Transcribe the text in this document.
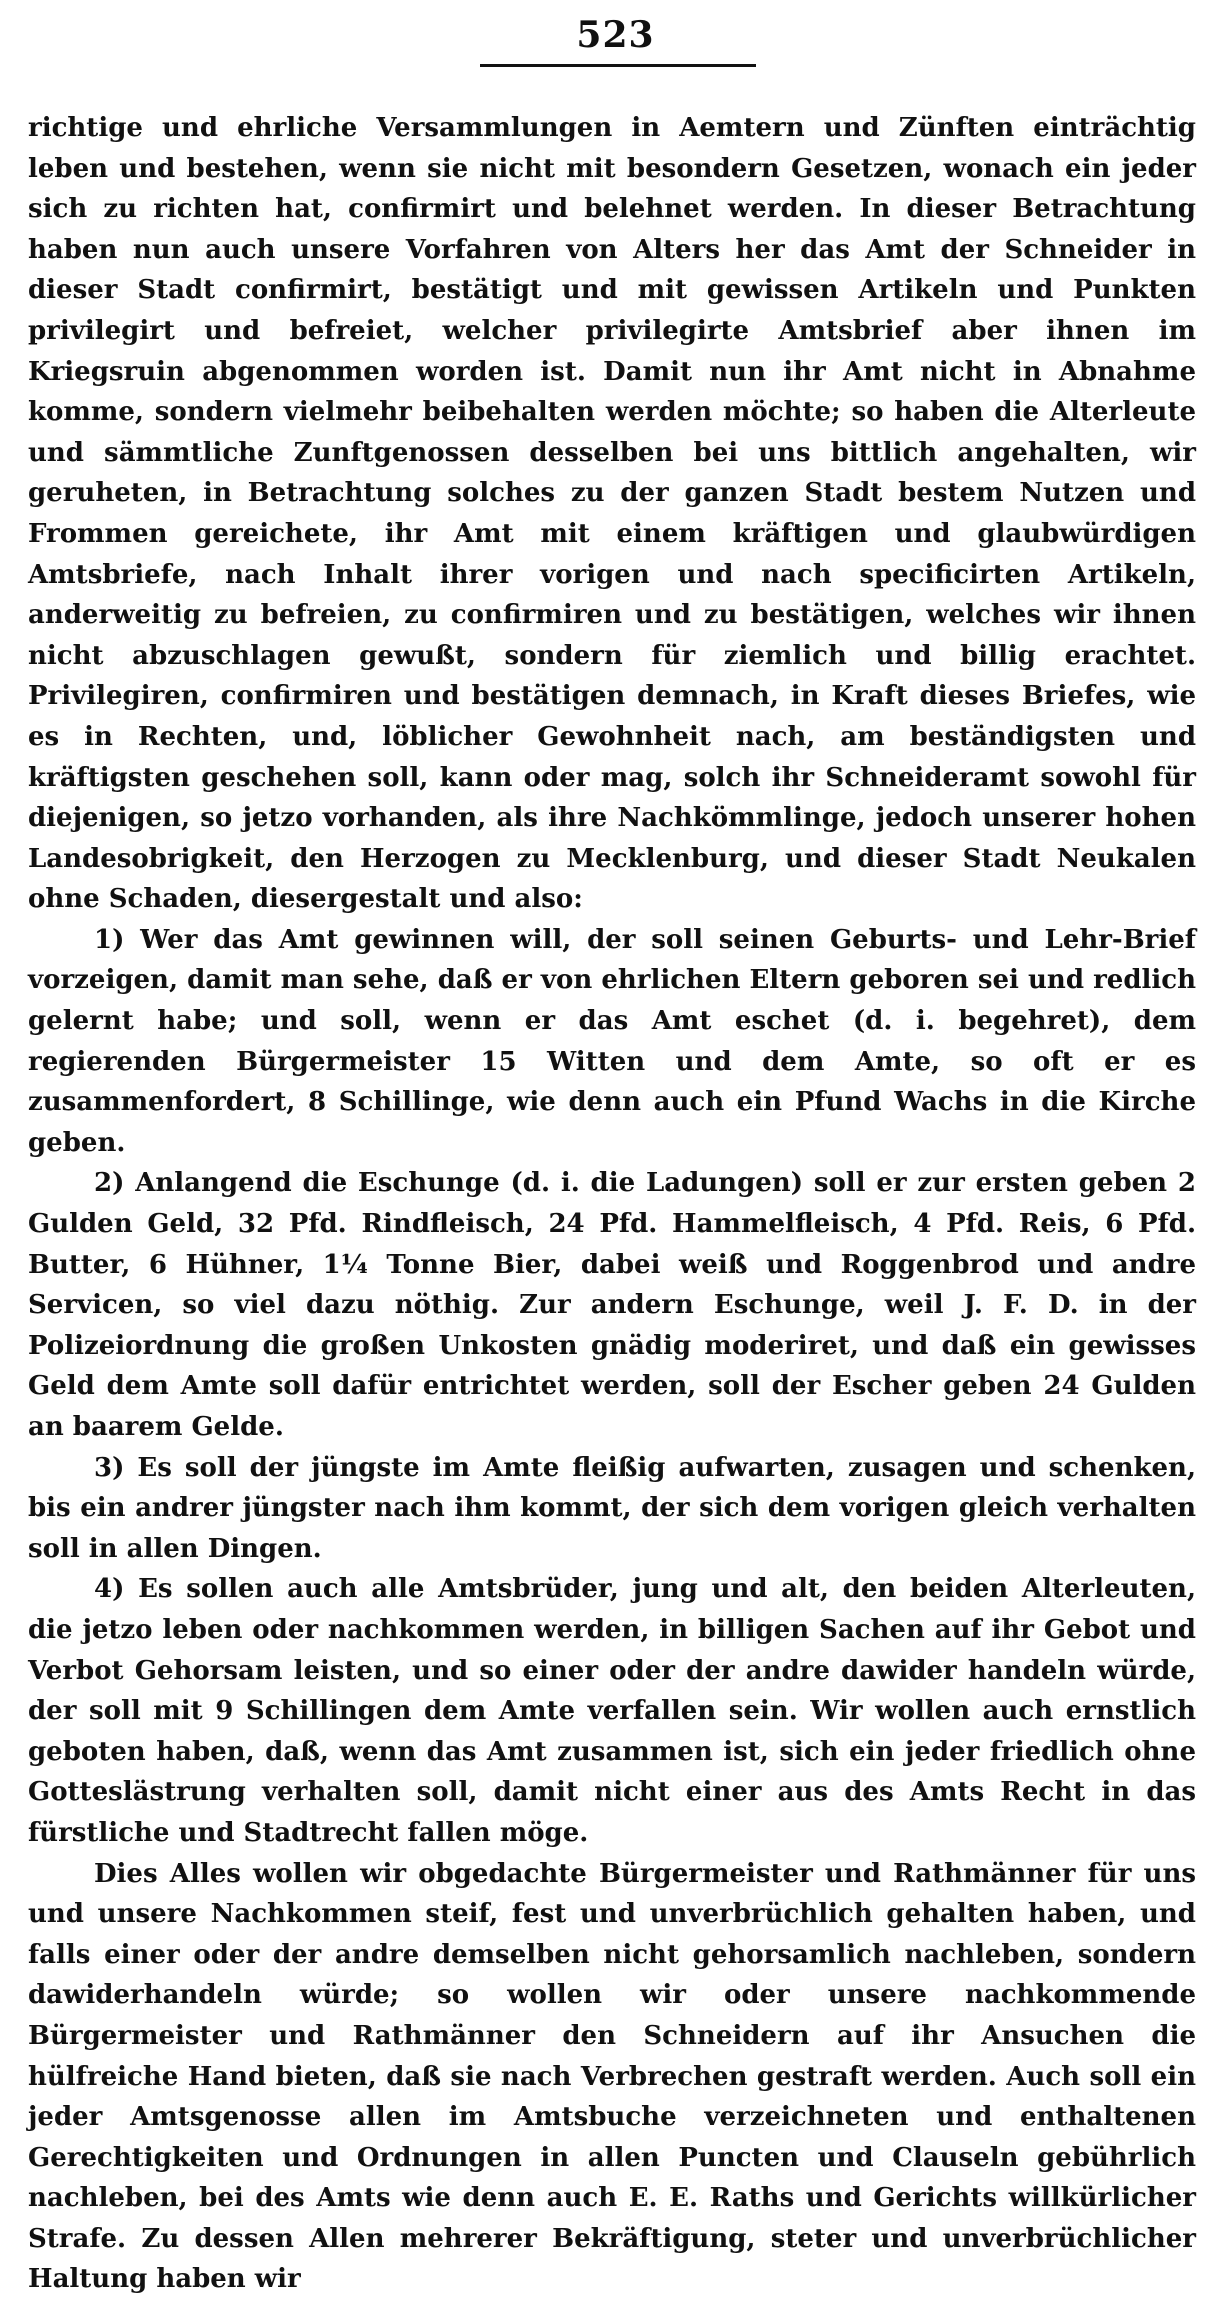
523

richtige und ehrliche Versammlungen in Aemtern und Zünften einträchtig leben und bestehen, wenn sie nicht mit besondern Gesetzen, wonach ein jeder sich zu richten hat, confirmirt und belehnet werden. In dieser Betrachtung haben nun auch unsere Vorfahren von Alters her das Amt der Schneider in dieser Stadt confirmirt, bestätigt und mit gewissen Artikeln und Punkten privilegirt und befreiet, welcher privilegirte Amtsbrief aber ihnen im Kriegsruin abgenommen worden ist. Damit nun ihr Amt nicht in Abnahme komme, sondern vielmehr beibehalten werden möchte; so haben die Alterleute und sämmtliche Zunftgenossen desselben bei uns bittlich angehalten, wir geruheten, in Betrachtung solches zu der ganzen Stadt bestem Nutzen und Frommen gereichete, ihr Amt mit einem kräftigen und glaubwürdigen Amtsbriefe, nach Inhalt ihrer vorigen und nach specificirten Artikeln, anderweitig zu befreien, zu confirmiren und zu bestätigen, welches wir ihnen nicht abzuschlagen gewußt, sondern für ziemlich und billig erachtet. Privilegiren, confirmiren und bestätigen demnach, in Kraft dieses Briefes, wie es in Rechten, und, löblicher Gewohnheit nach, am beständigsten und kräftigsten geschehen soll, kann oder mag, solch ihr Schneideramt sowohl für diejenigen, so jetzo vorhanden, als ihre Nachkömmlinge, jedoch unserer hohen Landesobrigkeit, den Herzogen zu Mecklenburg, und dieser Stadt Neukalen ohne Schaden, diesergestalt und also:

1) Wer das Amt gewinnen will, der soll seinen Geburts- und Lehr-Brief vorzeigen, damit man sehe, daß er von ehrlichen Eltern geboren sei und redlich gelernt habe; und soll, wenn er das Amt eschet (d. i. begehret), dem regierenden Bürgermeister 15 Witten und dem Amte, so oft er es zusammenfordert, 8 Schillinge, wie denn auch ein Pfund Wachs in die Kirche geben.

2) Anlangend die Eschunge (d. i. die Ladungen) soll er zur ersten geben 2 Gulden Geld, 32 Pfd. Rindfleisch, 24 Pfd. Hammelfleisch, 4 Pfd. Reis, 6 Pfd. Butter, 6 Hühner, 1¼ Tonne Bier, dabei weiß und Roggenbrod und andre Servicen, so viel dazu nöthig. Zur andern Eschunge, weil J. F. D. in der Polizeiordnung die großen Unkosten gnädig moderiret, und daß ein gewisses Geld dem Amte soll dafür entrichtet werden, soll der Escher geben 24 Gulden an baarem Gelde.

3) Es soll der jüngste im Amte fleißig aufwarten, zusagen und schenken, bis ein andrer jüngster nach ihm kommt, der sich dem vorigen gleich verhalten soll in allen Dingen.

4) Es sollen auch alle Amtsbrüder, jung und alt, den beiden Alterleuten, die jetzo leben oder nachkommen werden, in billigen Sachen auf ihr Gebot und Verbot Gehorsam leisten, und so einer oder der andre dawider handeln würde, der soll mit 9 Schillingen dem Amte verfallen sein. Wir wollen auch ernstlich geboten haben, daß, wenn das Amt zusammen ist, sich ein jeder friedlich ohne Gotteslästrung verhalten soll, damit nicht einer aus des Amts Recht in das fürstliche und Stadtrecht fallen möge.

Dies Alles wollen wir obgedachte Bürgermeister und Rathmänner für uns und unsere Nachkommen steif, fest und unverbrüchlich gehalten haben, und falls einer oder der andre demselben nicht gehorsamlich nachleben, sondern dawiderhandeln würde; so wollen wir oder unsere nachkommende Bürgermeister und Rathmänner den Schneidern auf ihr Ansuchen die hülfreiche Hand bieten, daß sie nach Verbrechen gestraft werden. Auch soll ein jeder Amtsgenosse allen im Amtsbuche verzeichneten und enthaltenen Gerechtigkeiten und Ordnungen in allen Puncten und Clauseln gebührlich nachleben, bei des Amts wie denn auch E. E. Raths und Gerichts willkürlicher Strafe. Zu dessen Allen mehrerer Bekräftigung, steter und unverbrüchlicher Haltung haben wir
